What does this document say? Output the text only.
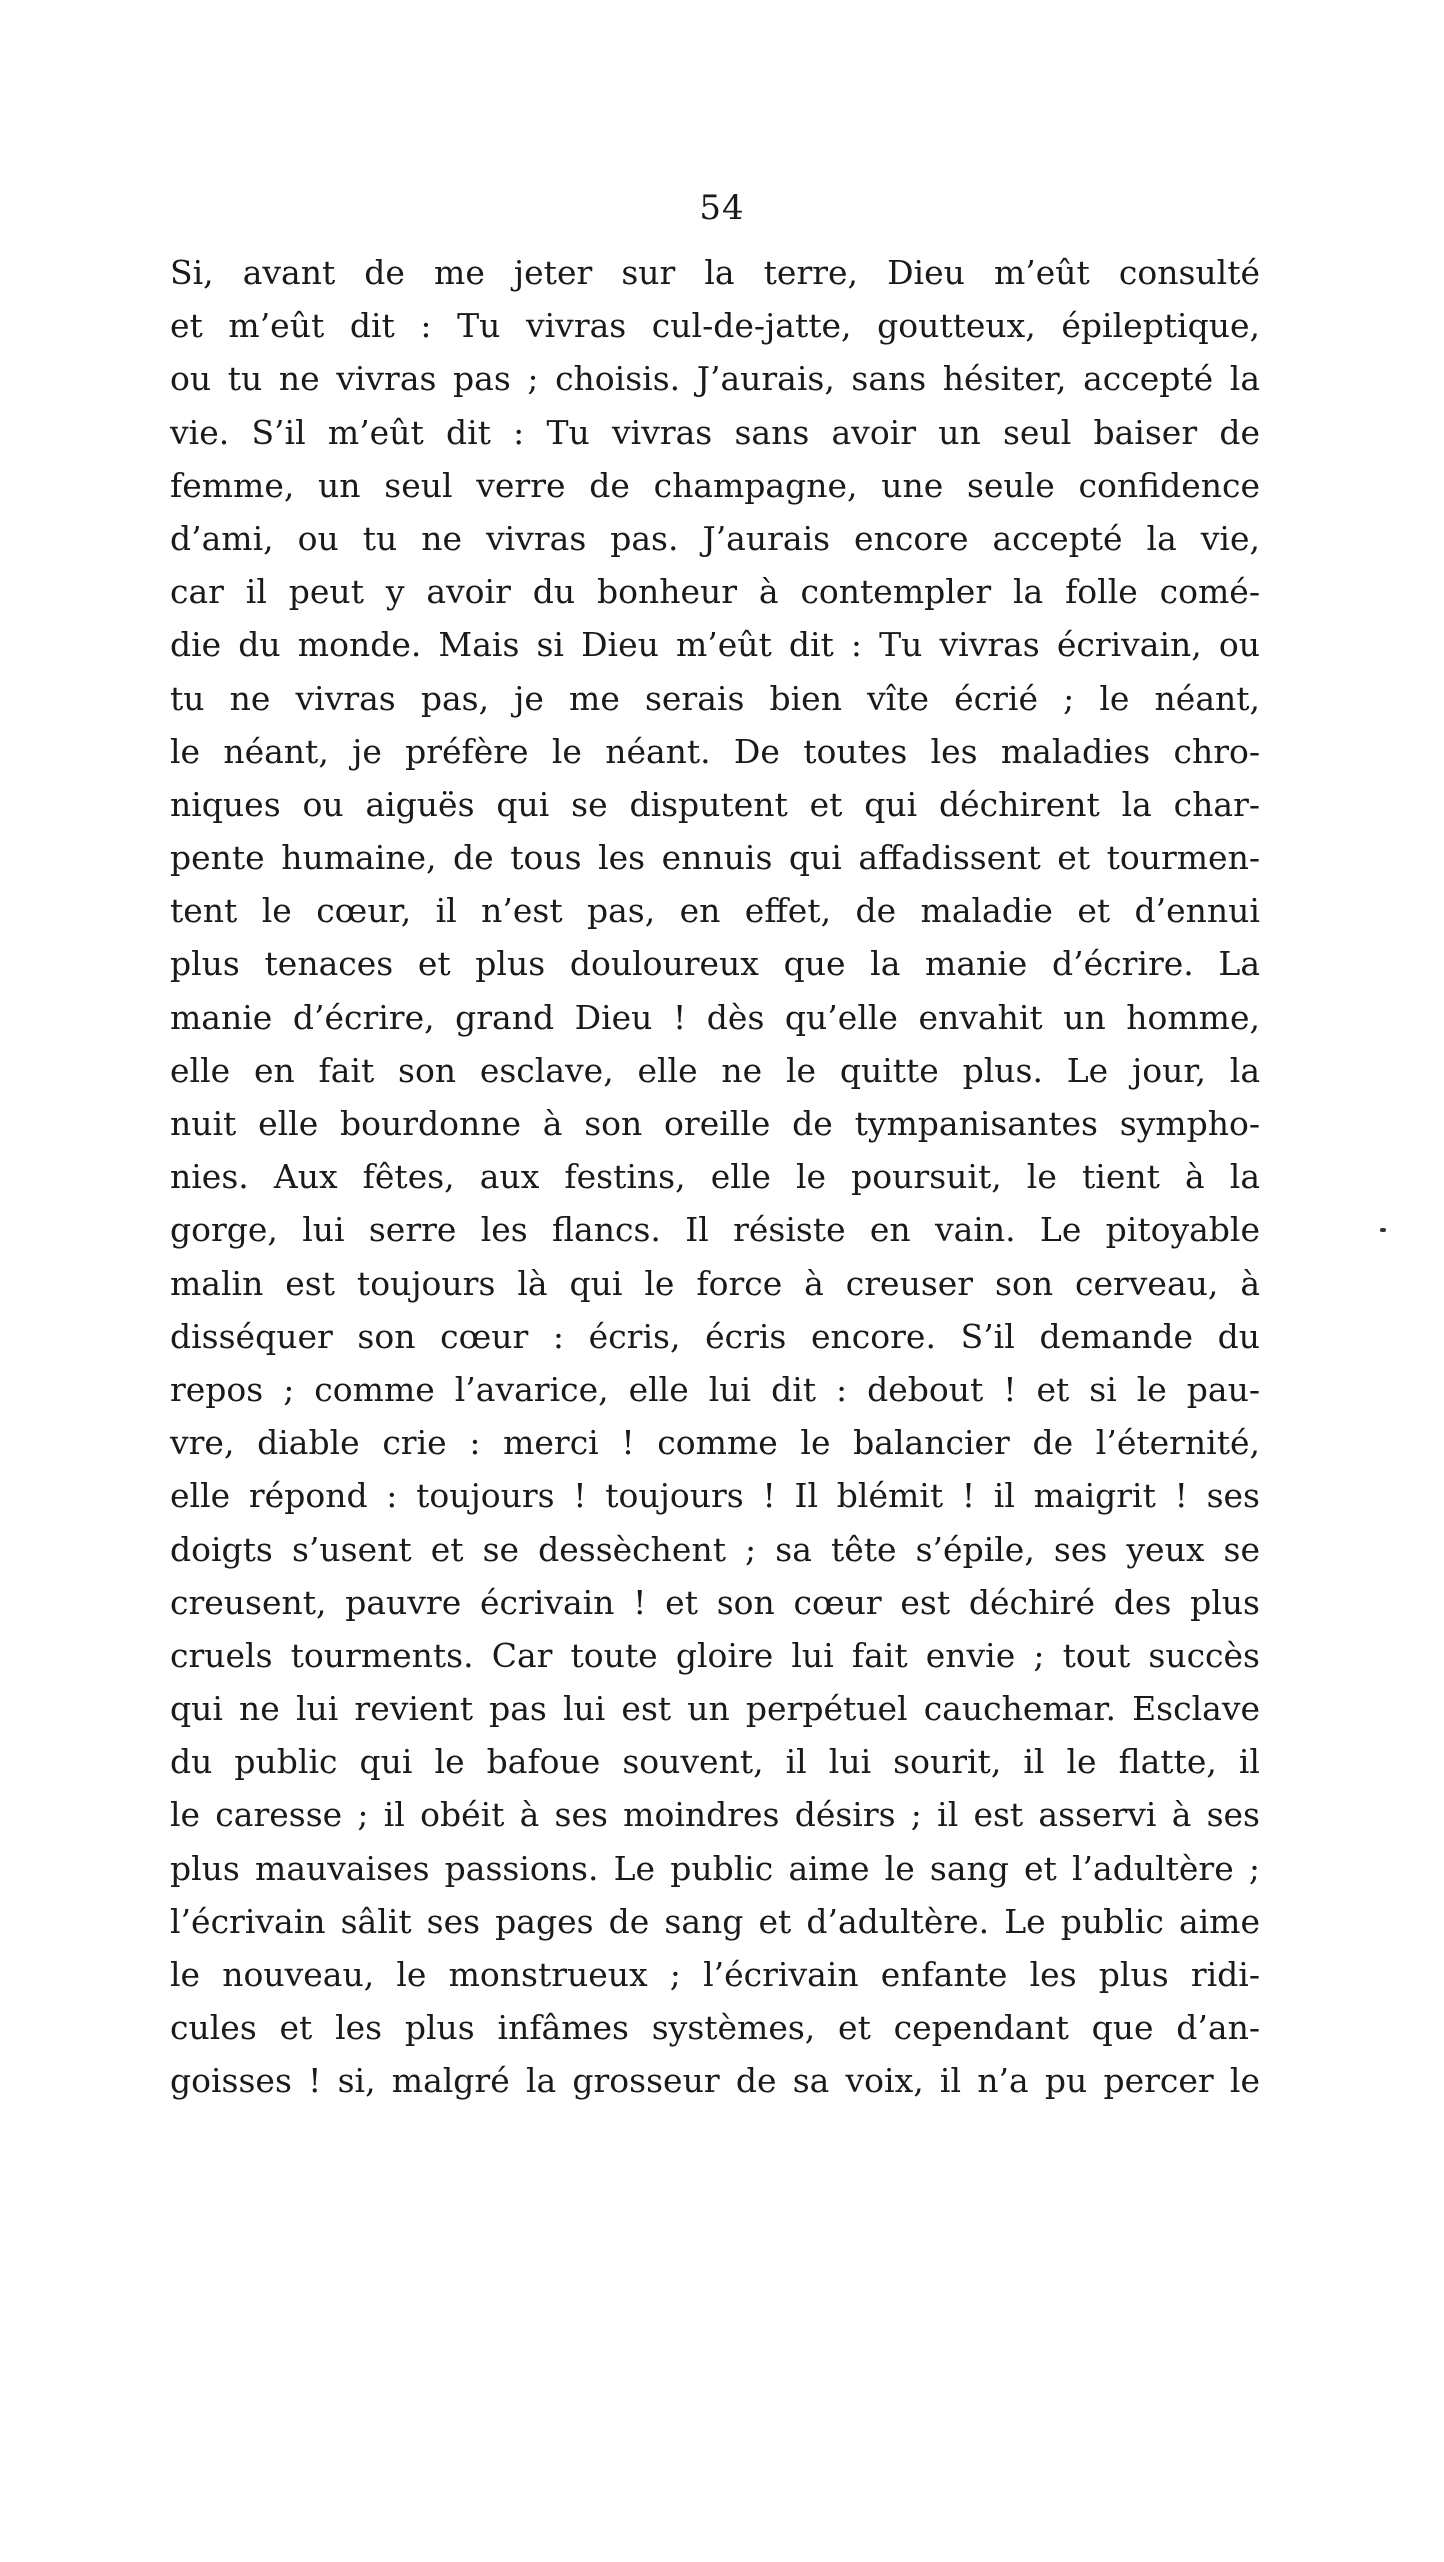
54
Si, avant de me jeter sur la terre, Dieu m’eût consulté
et m’eût dit : Tu vivras cul-de-jatte, goutteux, épileptique,
ou tu ne vivras pas ; choisis. J’aurais, sans hésiter, accepté la
vie. S’il m’eût dit : Tu vivras sans avoir un seul baiser de
femme, un seul verre de champagne, une seule confidence
d’ami, ou tu ne vivras pas. J’aurais encore accepté la vie,
car il peut y avoir du bonheur à contempler la folle comé-
die du monde. Mais si Dieu m’eût dit : Tu vivras écrivain, ou
tu ne vivras pas, je me serais bien vîte écrié ; le néant,
le néant, je préfère le néant. De toutes les maladies chro-
niques ou aiguës qui se disputent et qui déchirent la char-
pente humaine, de tous les ennuis qui affadissent et tourmen-
tent le cœur, il n’est pas, en effet, de maladie et d’ennui
plus tenaces et plus douloureux que la manie d’écrire. La
manie d’écrire, grand Dieu ! dès qu’elle envahit un homme,
elle en fait son esclave, elle ne le quitte plus. Le jour, la
nuit elle bourdonne à son oreille de tympanisantes sympho-
nies. Aux fêtes, aux festins, elle le poursuit, le tient à la
gorge, lui serre les flancs. Il résiste en vain. Le pitoyable
malin est toujours là qui le force à creuser son cerveau, à
disséquer son cœur : écris, écris encore. S’il demande du
repos ; comme l’avarice, elle lui dit : debout ! et si le pau-
vre, diable crie : merci ! comme le balancier de l’éternité,
elle répond : toujours ! toujours ! Il blémit ! il maigrit ! ses
doigts s’usent et se dessèchent ; sa tête s’épile, ses yeux se
creusent, pauvre écrivain ! et son cœur est déchiré des plus
cruels tourments. Car toute gloire lui fait envie ; tout succès
qui ne lui revient pas lui est un perpétuel cauchemar. Esclave
du public qui le bafoue souvent, il lui sourit, il le flatte, il
le caresse ; il obéit à ses moindres désirs ; il est asservi à ses
plus mauvaises passions. Le public aime le sang et l’adultère ;
l’écrivain sâlit ses pages de sang et d’adultère. Le public aime
le nouveau, le monstrueux ; l’écrivain enfante les plus ridi-
cules et les plus infâmes systèmes, et cependant que d’an-
goisses ! si, malgré la grosseur de sa voix, il n’a pu percer le
